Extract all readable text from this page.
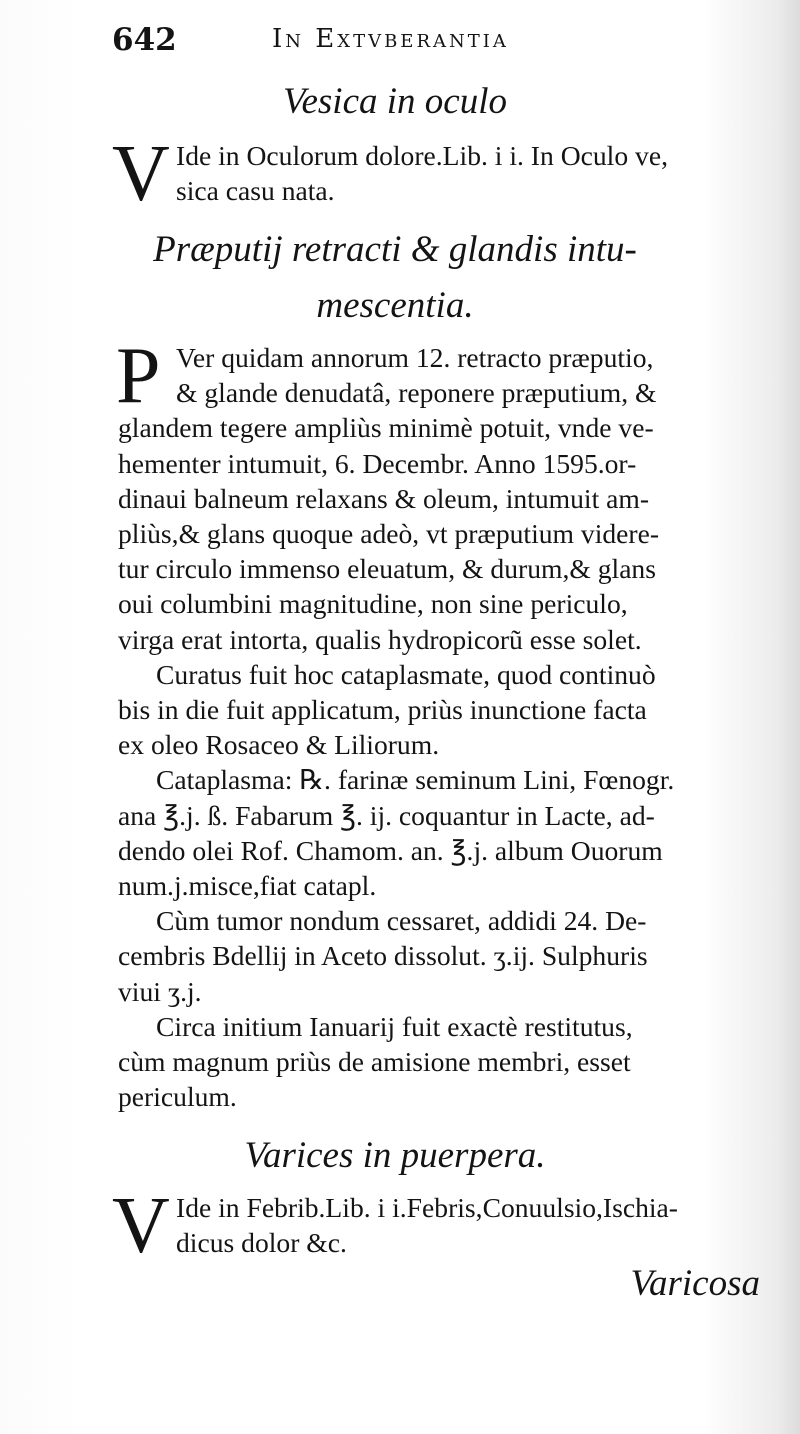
642	In Extvberantia
Vesica in oculo
V Ide in Oculorum dolore.Lib. i i. In Oculo ve,
sica casu nata.
Præputij retracti & glandis intu-
mescentia.
P Ver quidam annorum 12. retracto præputio,
& glande denudatâ, reponere præputium, &
glandem tegere ampliùs minimè potuit, vnde ve-
hementer intumuit, 6. Decembr. Anno 1595.or-
dinaui balneum relaxans & oleum, intumuit am-
pliùs,& glans quoque adeò, vt præputium videre-
tur circulo immenso eleuatum, & durum,& glans
oui columbini magnitudine, non sine periculo,
virga erat intorta, qualis hydropicorũ esse solet.
Curatus fuit hoc cataplasmate, quod continuò
bis in die fuit applicatum, priùs inunctione facta
ex oleo Rosaceo & Liliorum.
Cataplasma: ℞. farinæ seminum Lini, Fœnogr.
ana ℥.j. ß. Fabarum ℥. ij. coquantur in Lacte, ad-
dendo olei Rof. Chamom. an. ℥.j. album Ouorum
num.j.misce,fiat catapl.
Cùm tumor nondum cessaret, addidi 24. De-
cembris Bdellij in Aceto dissolut. ʒ.ij. Sulphuris
viui ʒ.j.
Circa initium Ianuarij fuit exactè restitutus,
cùm magnum priùs de amisione membri, esset
periculum.
Varices in puerpera.
V Ide in Febrib.Lib. i i.Febris,Conuulsio,Ischia-
dicus dolor &c.
Varicosa
